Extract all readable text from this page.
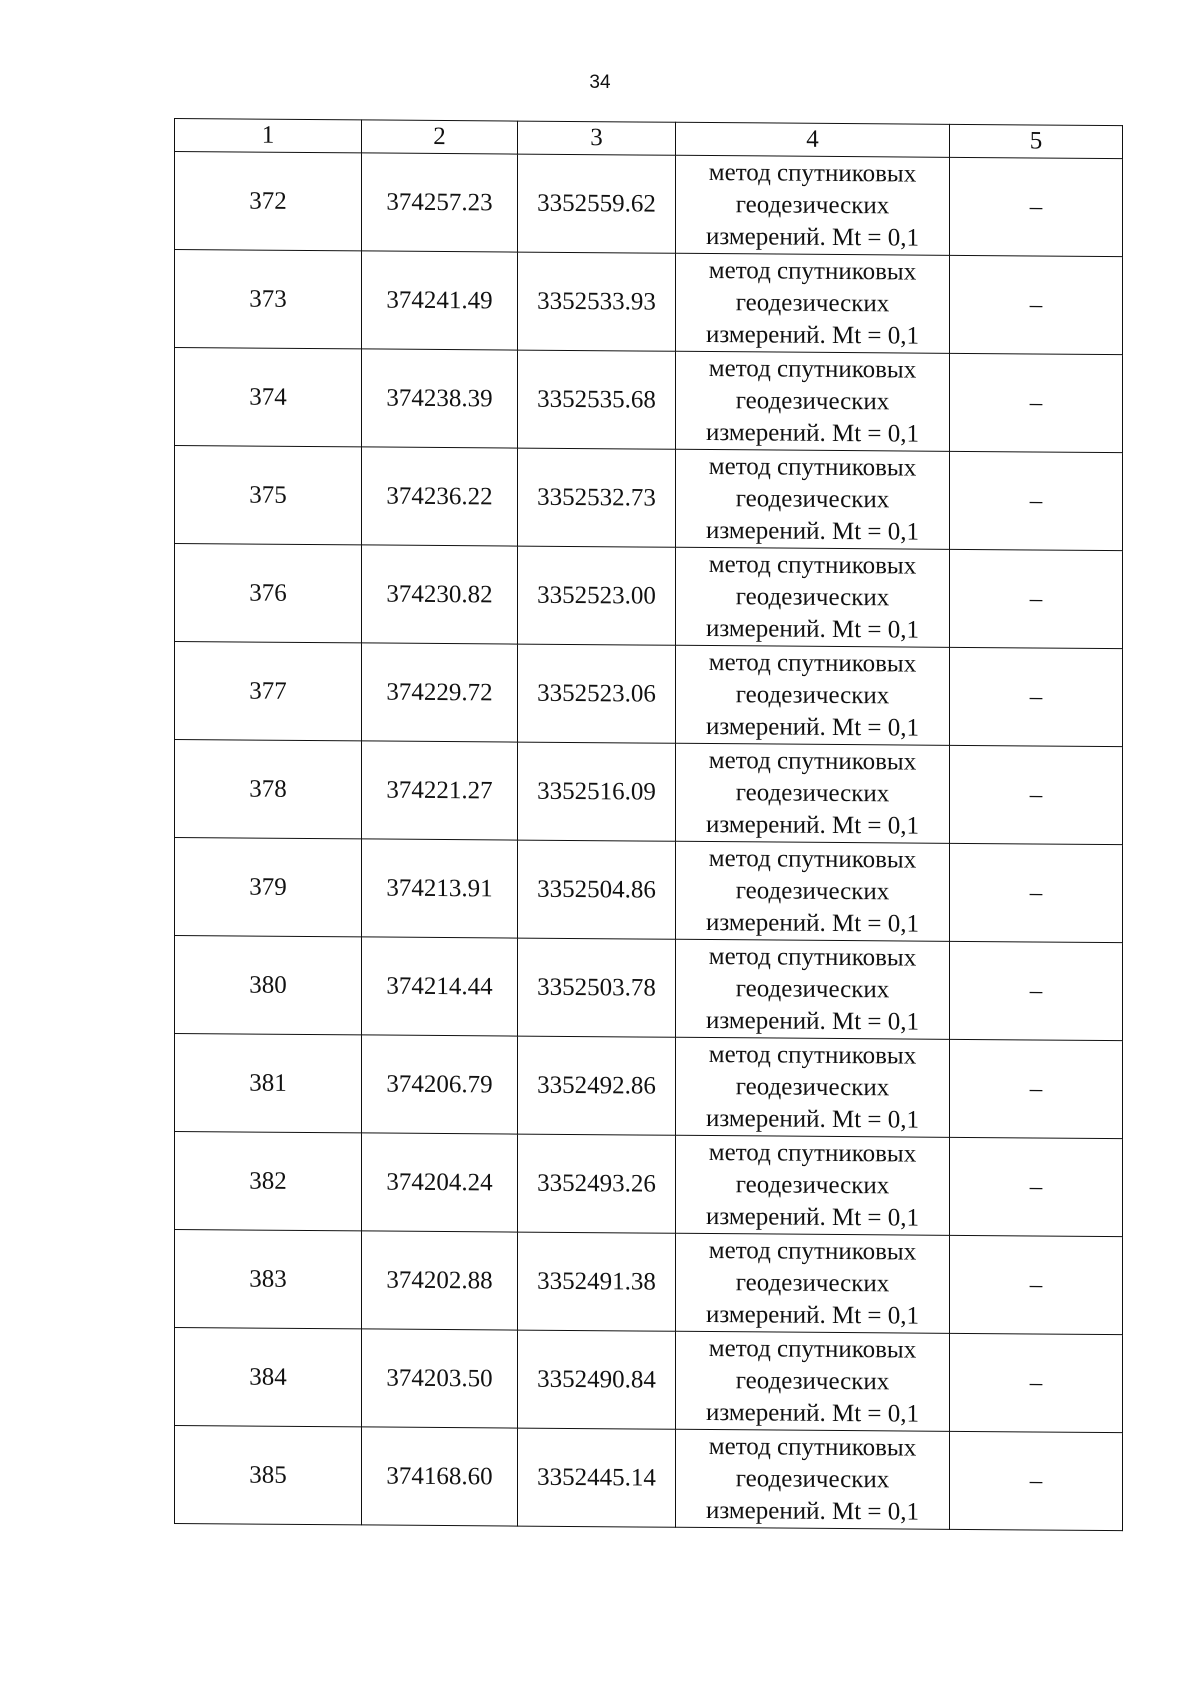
34
1	2	3	4	5
372	374257.23	3352559.62	метод спутниковых
геодезических
измерений. Mt = 0,1	–
373	374241.49	3352533.93	метод спутниковых
геодезических
измерений. Mt = 0,1	–
374	374238.39	3352535.68	метод спутниковых
геодезических
измерений. Mt = 0,1	–
375	374236.22	3352532.73	метод спутниковых
геодезических
измерений. Mt = 0,1	–
376	374230.82	3352523.00	метод спутниковых
геодезических
измерений. Mt = 0,1	–
377	374229.72	3352523.06	метод спутниковых
геодезических
измерений. Mt = 0,1	–
378	374221.27	3352516.09	метод спутниковых
геодезических
измерений. Mt = 0,1	–
379	374213.91	3352504.86	метод спутниковых
геодезических
измерений. Mt = 0,1	–
380	374214.44	3352503.78	метод спутниковых
геодезических
измерений. Mt = 0,1	–
381	374206.79	3352492.86	метод спутниковых
геодезических
измерений. Mt = 0,1	–
382	374204.24	3352493.26	метод спутниковых
геодезических
измерений. Mt = 0,1	–
383	374202.88	3352491.38	метод спутниковых
геодезических
измерений. Mt = 0,1	–
384	374203.50	3352490.84	метод спутниковых
геодезических
измерений. Mt = 0,1	–
385	374168.60	3352445.14	метод спутниковых
геодезических
измерений. Mt = 0,1	–
